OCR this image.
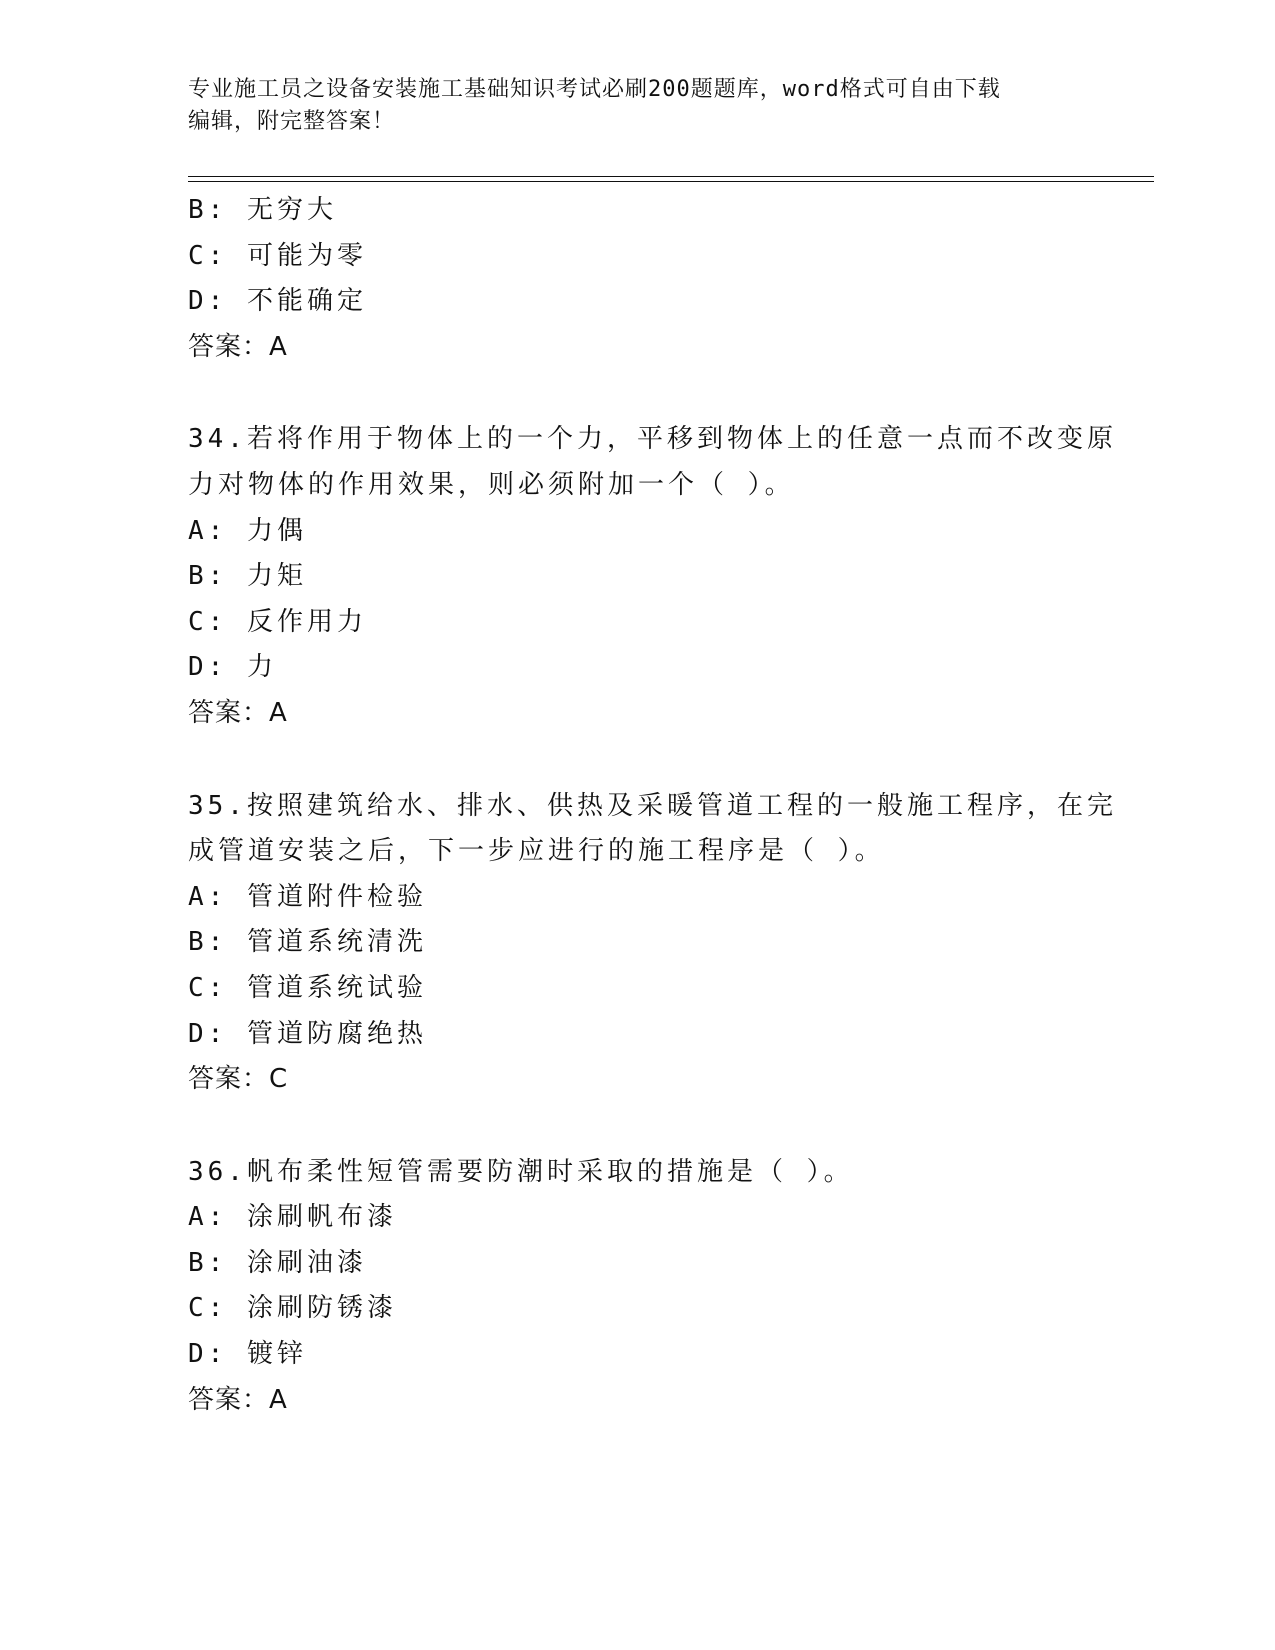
专业施工员之设备安装施工基础知识考试必刷200题题库，word格式可自由下载
编辑，附完整答案！
B: 无穷大
C: 可能为零
D: 不能确定
答案：A
34.若将作用于物体上的一个力，平移到物体上的任意一点而不改变原
力对物体的作用效果，则必须附加一个（ ）。
A: 力偶
B: 力矩
C: 反作用力
D: 力
答案：A
35.按照建筑给水、排水、供热及采暖管道工程的一般施工程序，在完
成管道安装之后，下一步应进行的施工程序是（ ）。
A: 管道附件检验
B: 管道系统清洗
C: 管道系统试验
D: 管道防腐绝热
答案：C
36.帆布柔性短管需要防潮时采取的措施是（ ）。
A: 涂刷帆布漆
B: 涂刷油漆
C: 涂刷防锈漆
D: 镀锌
答案：A
